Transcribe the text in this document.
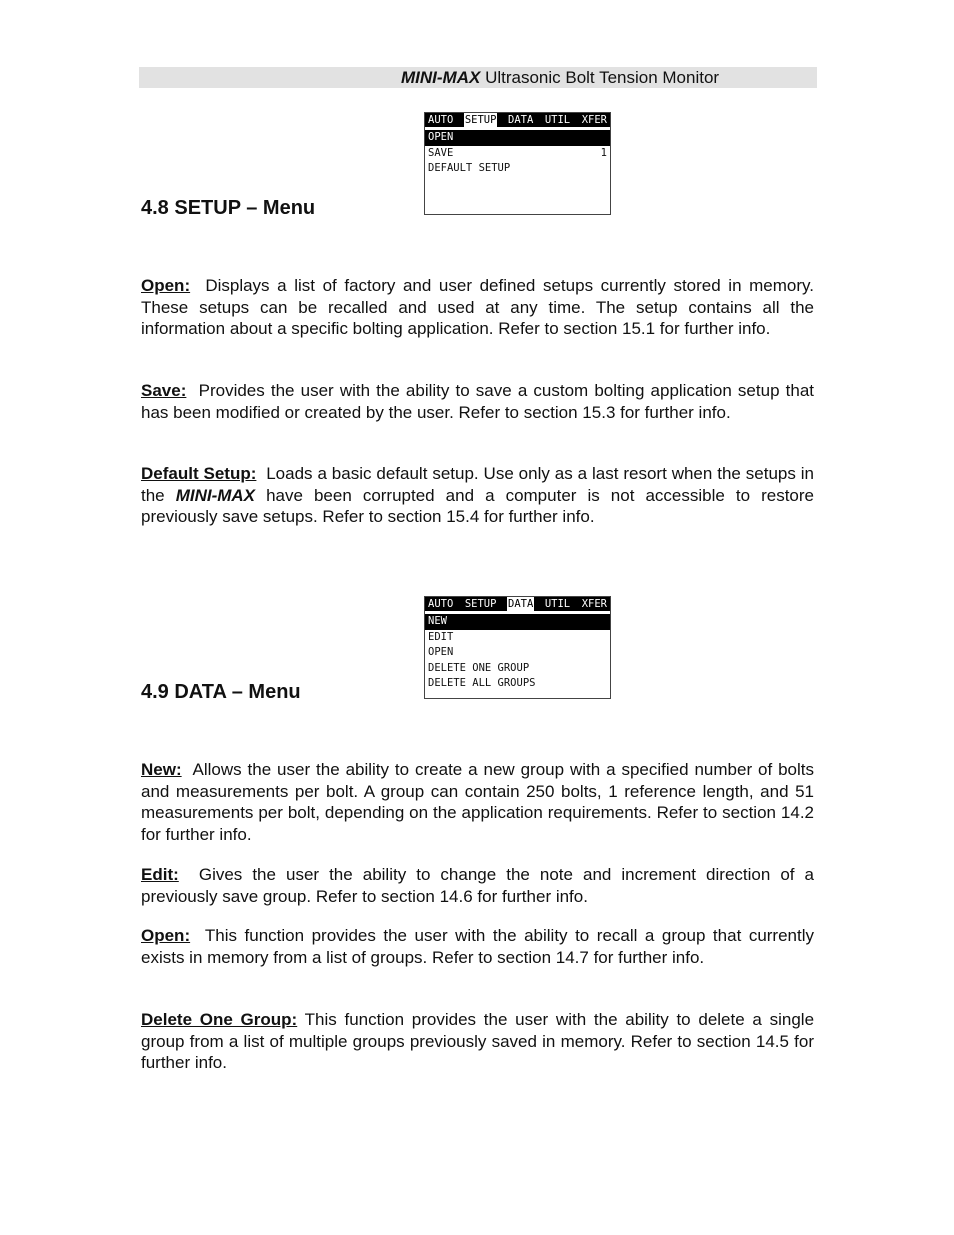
MINI-MAX Ultrasonic Bolt Tension Monitor
AUTO SETUP DATA UTIL XFER
OPEN
SAVE	1
DEFAULT SETUP
4.8 SETUP – Menu
Open: Displays a list of factory and user defined setups currently stored in memory. These setups can be recalled and used at any time. The setup contains all the information about a specific bolting application. Refer to section 15.1 for further info.
Save: Provides the user with the ability to save a custom bolting application setup that has been modified or created by the user. Refer to section 15.3 for further info.
Default Setup: Loads a basic default setup. Use only as a last resort when the setups in the MINI-MAX have been corrupted and a computer is not accessible to restore previously save setups. Refer to section 15.4 for further info.
AUTO SETUP DATA UTIL XFER
NEW
EDIT
OPEN
DELETE ONE GROUP
DELETE ALL GROUPS
4.9 DATA – Menu
New: Allows the user the ability to create a new group with a specified number of bolts and measurements per bolt. A group can contain 250 bolts, 1 reference length, and 51 measurements per bolt, depending on the application requirements. Refer to section 14.2 for further info.
Edit: Gives the user the ability to change the note and increment direction of a previously save group. Refer to section 14.6 for further info.
Open: This function provides the user with the ability to recall a group that currently exists in memory from a list of groups. Refer to section 14.7 for further info.
Delete One Group: This function provides the user with the ability to delete a single group from a list of multiple groups previously saved in memory. Refer to section 14.5 for further info.
